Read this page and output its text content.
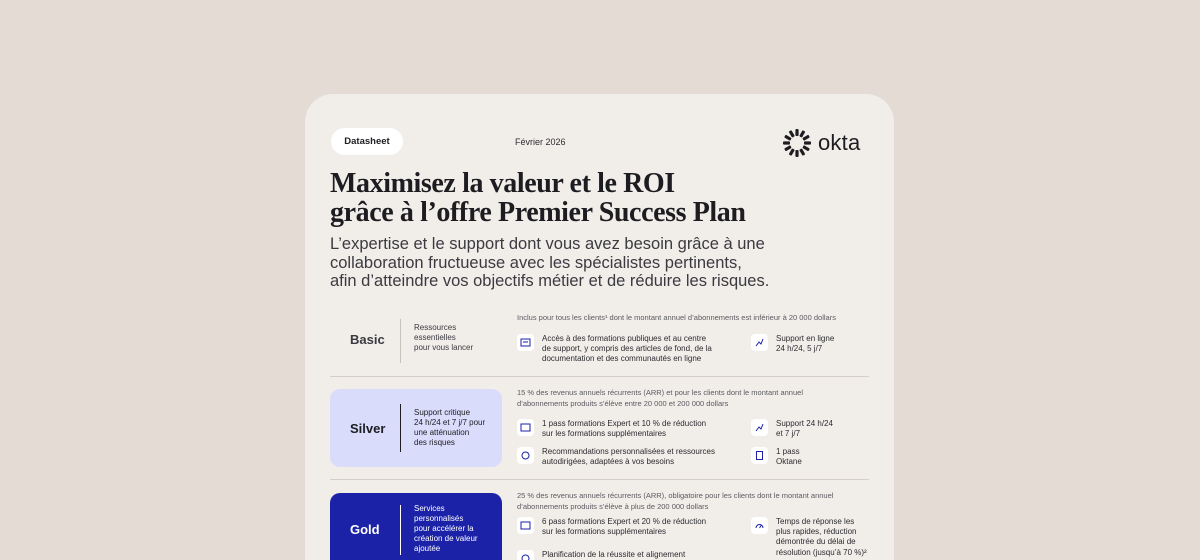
Datasheet	Février 2026	okta
Maximisez la valeur et le ROI
grâce à l’offre Premier Success Plan

L’expertise et le support dont vous avez besoin grâce à une
collaboration fructueuse avec les spécialistes pertinents,
afin d’atteindre vos objectifs métier et de réduire les risques.

Basic
Ressources
essentielles
pour vous lancer
Inclus pour tous les clients¹ dont le montant annuel d’abonnements est inférieur à 20 000 dollars
Accès à des formations publiques et au centre
de support, y compris des articles de fond, de la
documentation et des communautés en ligne
Support en ligne
24 h/24, 5 j/7
Silver
Support critique
24 h/24 et 7 j/7 pour
une atténuation
des risques
15 % des revenus annuels récurrents (ARR) et pour les clients dont le montant annuel
d’abonnements produits s’élève entre 20 000 et 200 000 dollars
1 pass formations Expert et 10 % de réduction
sur les formations supplémentaires
Support 24 h/24
et 7 j/7
Recommandations personnalisées et ressources
autodirigées, adaptées à vos besoins
1 pass
Oktane
Gold
Services
personnalisés
pour accélérer la
création de valeur
ajoutée
25 % des revenus annuels récurrents (ARR), obligatoire pour les clients dont le montant annuel
d’abonnements produits s’élève à plus de 200 000 dollars
6 pass formations Expert et 20 % de réduction
sur les formations supplémentaires
Temps de réponse les
plus rapides, réduction
démontrée du délai de
résolution (jusqu’à 70 %)²
Planification de la réussite et alignement
